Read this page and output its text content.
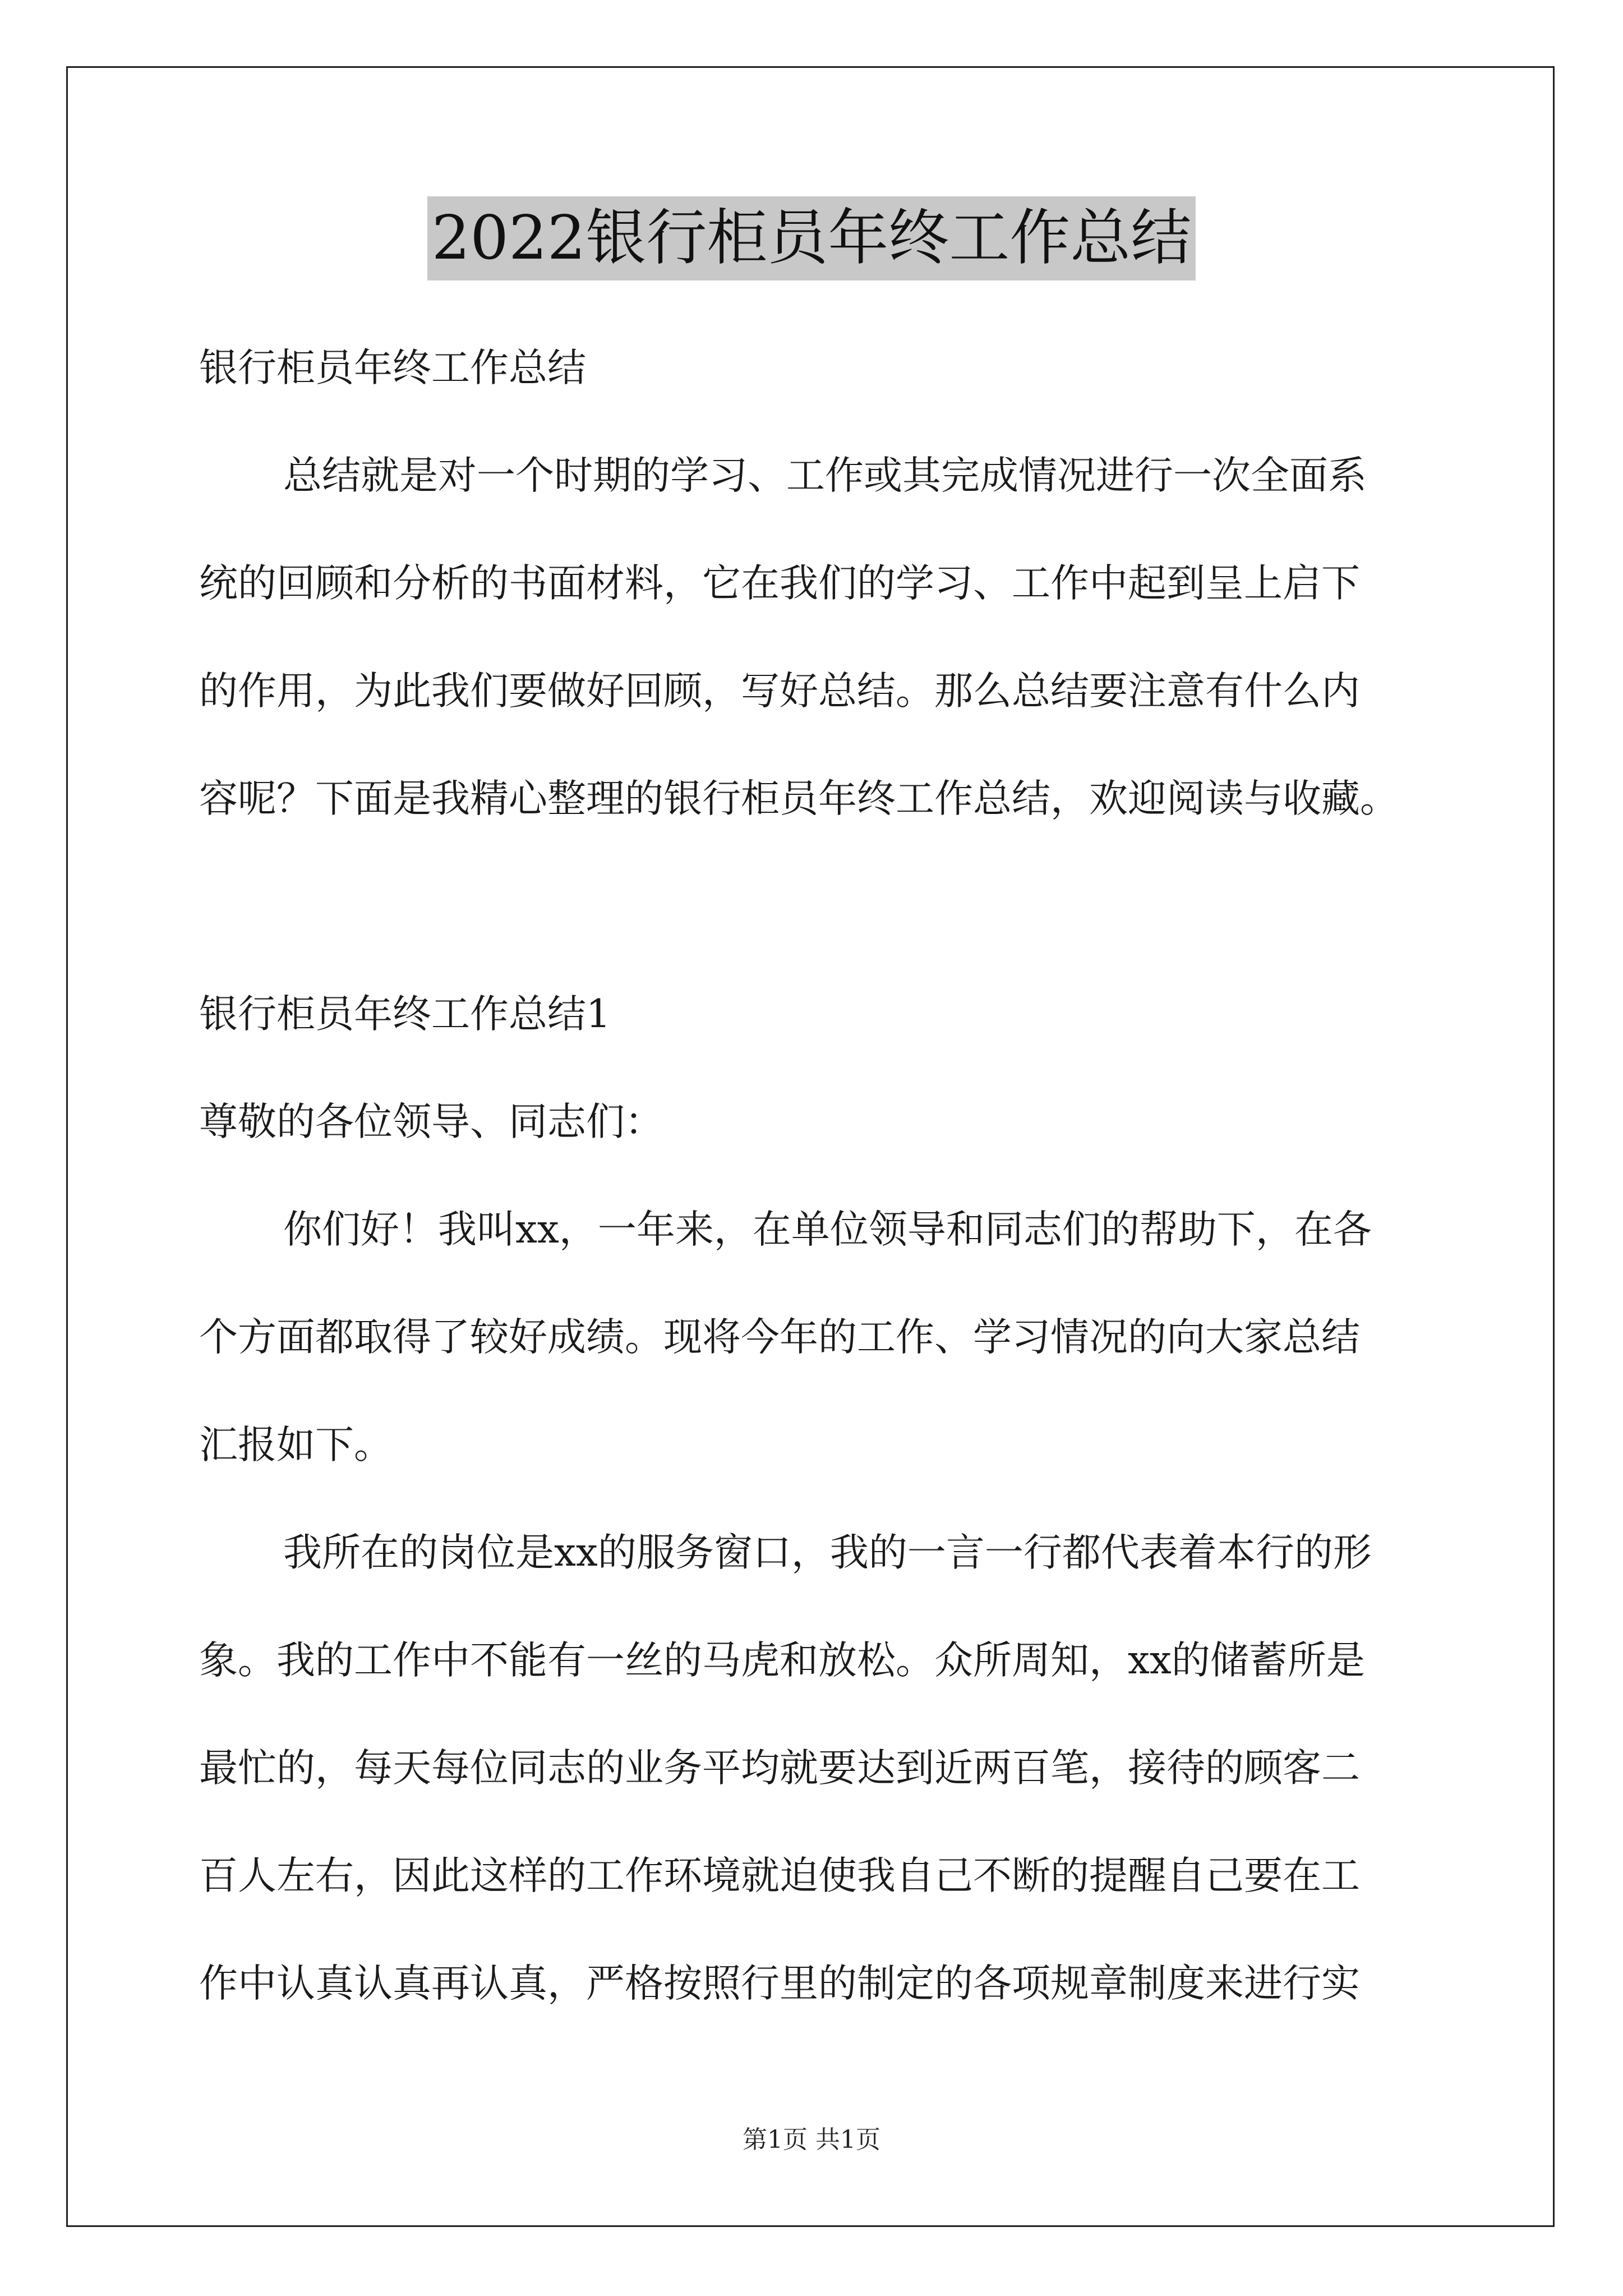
2022银行柜员年终工作总结
银行柜员年终工作总结
总结就是对一个时期的学习、工作或其完成情况进行一次全面系
统的回顾和分析的书面材料，它在我们的学习、工作中起到呈上启下
的作用，为此我们要做好回顾，写好总结。那么总结要注意有什么内
容呢？下面是我精心整理的银行柜员年终工作总结，欢迎阅读与收藏。
银行柜员年终工作总结1
尊敬的各位领导、同志们：
你们好！我叫xx，一年来，在单位领导和同志们的帮助下，在各
个方面都取得了较好成绩。现将今年的工作、学习情况的向大家总结
汇报如下。
我所在的岗位是xx的服务窗口，我的一言一行都代表着本行的形
象。我的工作中不能有一丝的马虎和放松。众所周知，xx的储蓄所是
最忙的，每天每位同志的业务平均就要达到近两百笔，接待的顾客二
百人左右，因此这样的工作环境就迫使我自己不断的提醒自己要在工
作中认真认真再认真，严格按照行里的制定的各项规章制度来进行实
第1页 共1页
